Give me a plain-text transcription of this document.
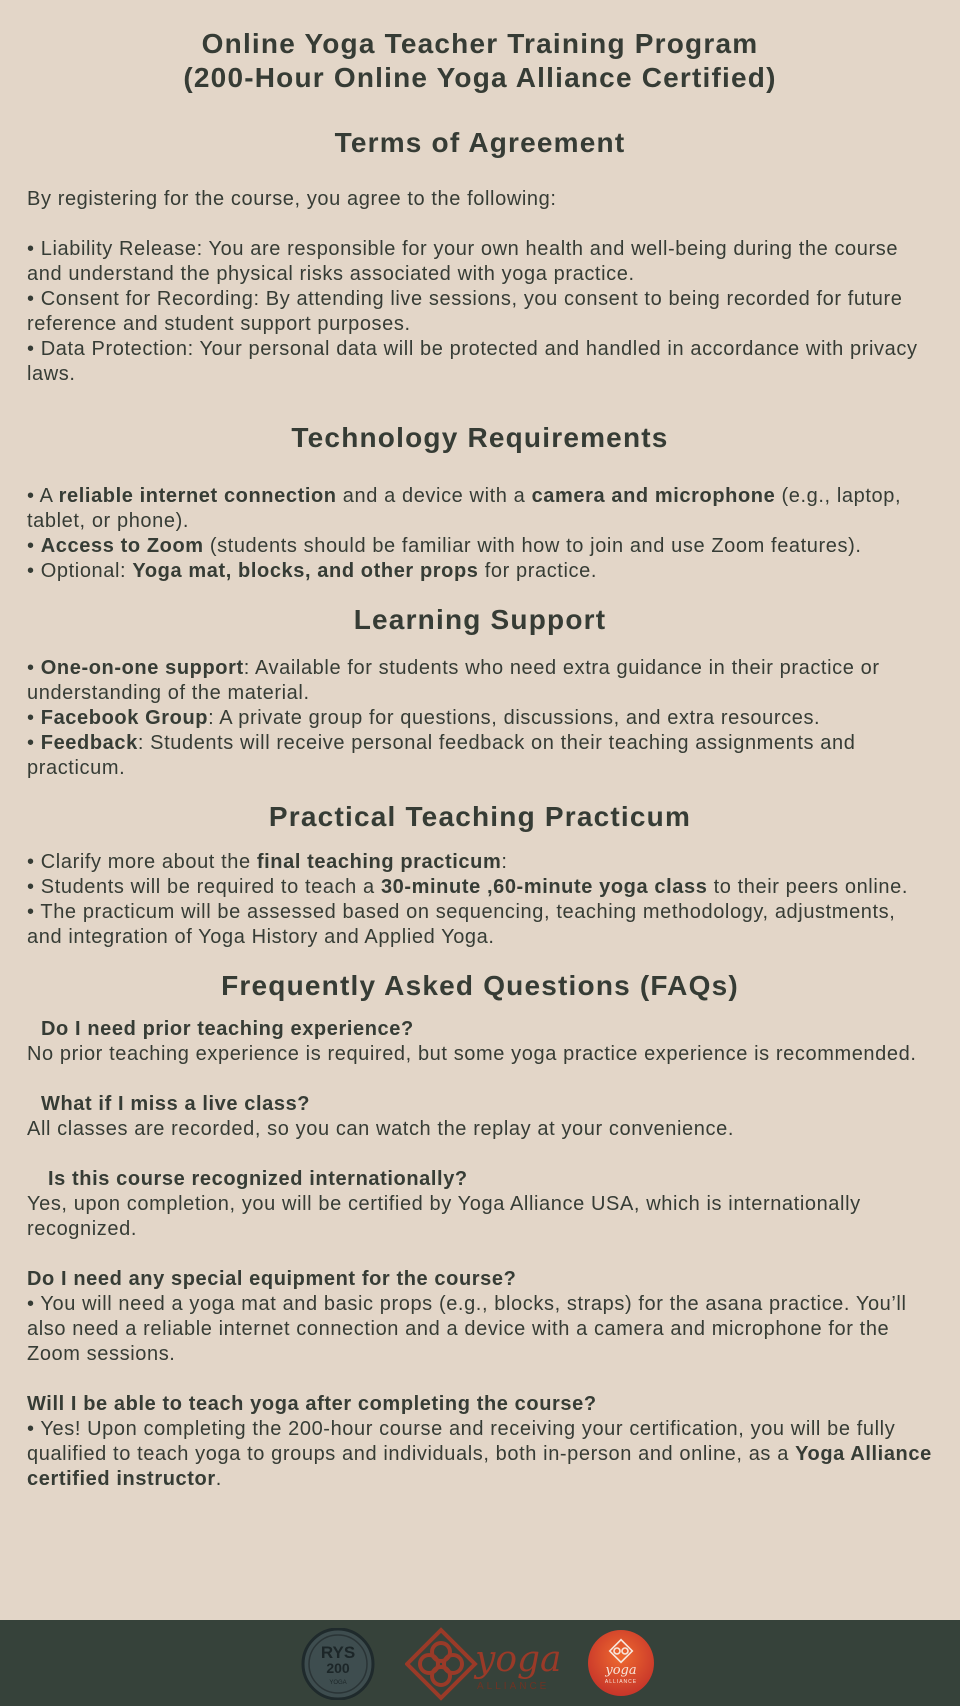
Online Yoga Teacher Training Program
(200-Hour Online Yoga Alliance Certified)
Terms of Agreement

By registering for the course, you agree to the following:

• Liability Release: You are responsible for your own health and well-being during the course and understand the physical risks associated with yoga practice.

• Consent for Recording: By attending live sessions, you consent to being recorded for future reference and student support purposes.

• Data Protection: Your personal data will be protected and handled in accordance with privacy laws.

Technology Requirements

• A reliable internet connection and a device with a camera and microphone (e.g., laptop, tablet, or phone).

• Access to Zoom (students should be familiar with how to join and use Zoom features).

• Optional: Yoga mat, blocks, and other props for practice.

Learning Support

• One-on-one support: Available for students who need extra guidance in their practice or understanding of the material.

• Facebook Group: A private group for questions, discussions, and extra resources.

• Feedback: Students will receive personal feedback on their teaching assignments and practicum.

Practical Teaching Practicum

• Clarify more about the final teaching practicum:

• Students will be required to teach a 30-minute ,60-minute yoga class to their peers online.

• The practicum will be assessed based on sequencing, teaching methodology, adjustments, and integration of Yoga History and Applied Yoga.

Frequently Asked Questions (FAQs)

Do I need prior teaching experience?

No prior teaching experience is required, but some yoga practice experience is recommended.

What if I miss a live class?

All classes are recorded, so you can watch the replay at your convenience.

Is this course recognized internationally?

Yes, upon completion, you will be certified by Yoga Alliance USA, which is internationally recognized.

Do I need any special equipment for the course?

• You will need a yoga mat and basic props (e.g., blocks, straps) for the asana practice. You’ll also need a reliable internet connection and a device with a camera and microphone for the Zoom sessions.

Will I be able to teach yoga after completing the course?

• Yes! Upon completing the 200-hour course and receiving your certification, you will be fully qualified to teach yoga to groups and individuals, both in-person and online, as a Yoga Alliance certified instructor.

RYS
200
YOGA
yoga
ALLIANCE
yoga
ALLIANCE
